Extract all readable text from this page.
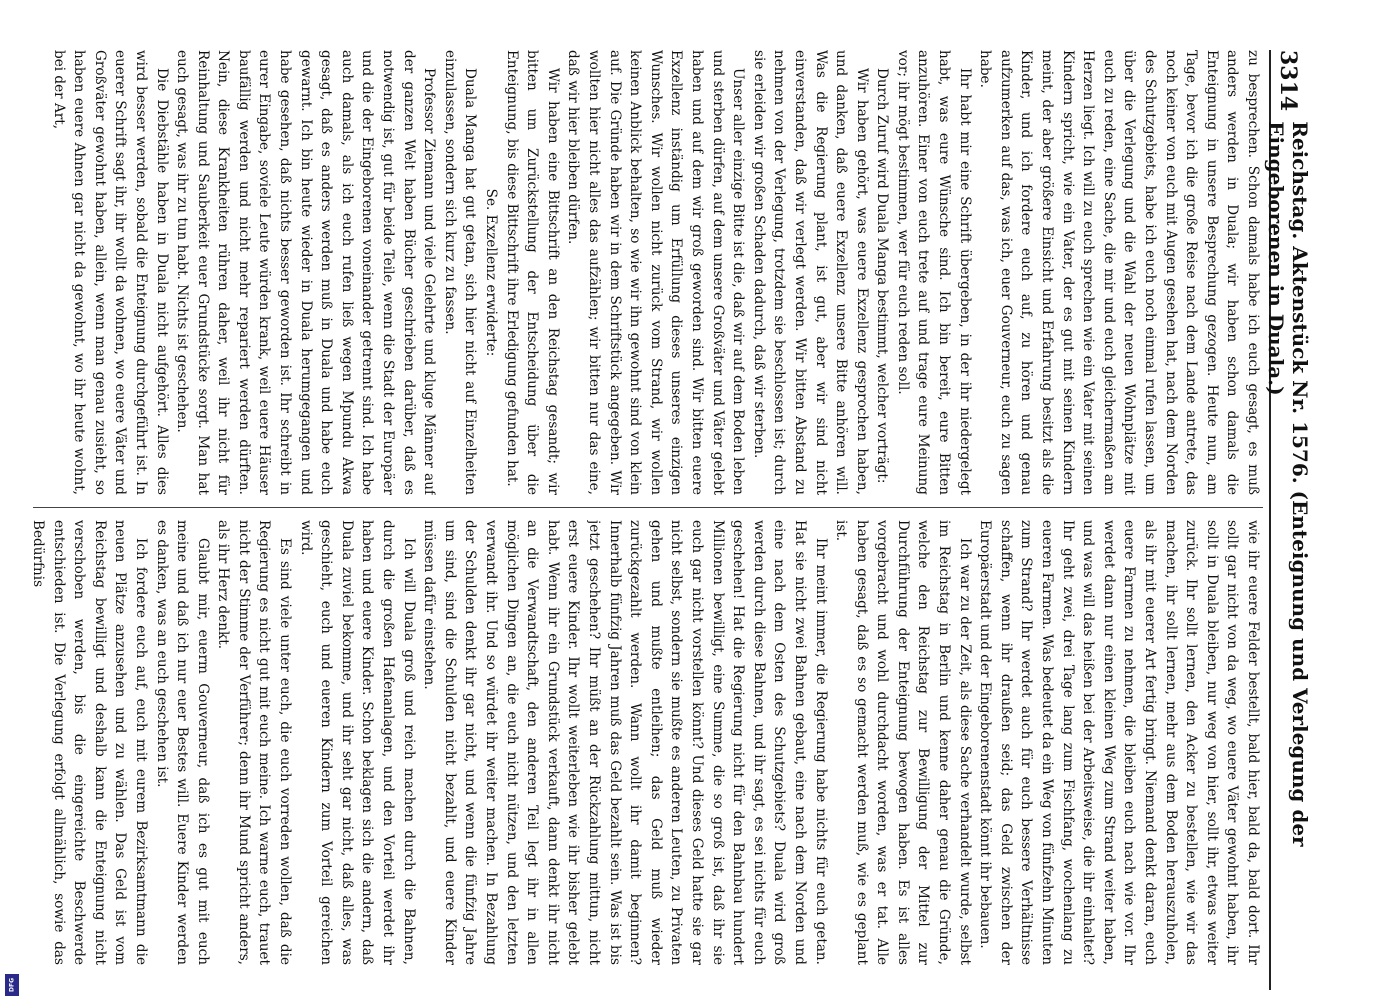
3314
Reichstag. Aktenstück Nr. 1576. (Enteignung und Verlegung der Eingeborenen in Duala.)

zu besprechen. Schon damals habe ich euch gesagt, es muß anders werden in Duala; wir haben schon damals die Enteignung in unsere Besprechung gezogen. Heute nun, am Tage, bevor ich die große Reise nach dem Lande antrete, das noch keiner von euch mit Augen gesehen hat, nach dem Norden des Schutzgebiets, habe ich euch noch einmal rufen lassen, um über die Verlegung und die Wahl der neuen Wohnplätze mit euch zu reden, eine Sache, die mir und euch gleichermaßen am Herzen liegt. Ich will zu euch sprechen wie ein Vater mit seinen Kindern spricht, wie ein Vater, der es gut mit seinen Kindern meint, der aber größere Einsicht und Erfahrung besitzt als die Kinder, und ich fordere euch auf, zu hören und genau aufzumerken auf das, was ich, euer Gouverneur, euch zu sagen habe.

Ihr habt mir eine Schrift übergeben, in der ihr niedergelegt habt, was eure Wünsche sind. Ich bin bereit, eure Bitten anzuhören. Einer von euch trete auf und trage eure Meinung vor; ihr mögt bestimmen, wer für euch reden soll.

Durch Zuruf wird Duala Manga bestimmt, welcher vorträgt:

Wir haben gehört, was euere Exzellenz gesprochen haben, und danken, daß euere Exzellenz unsere Bitte anhören will. Was die Regierung plant, ist gut, aber wir sind nicht einverstanden, daß wir verlegt werden. Wir bitten Abstand zu nehmen von der Verlegung, trotzdem sie beschlossen ist; durch sie erleiden wir großen Schaden dadurch, daß wir sterben.

Unser aller einzige Bitte ist die, daß wir auf dem Boden leben und sterben dürfen, auf dem unsere Großväter und Väter gelebt haben und auf dem wir groß geworden sind. Wir bitten euere Exzellenz inständig um Erfüllung dieses unseres einzigen Wunsches. Wir wollen nicht zurück vom Strand, wir wollen keinen Anblick behalten, so wie wir ihn gewohnt sind von klein auf. Die Gründe haben wir in dem Schriftstück angegeben. Wir wollten hier nicht alles das aufzählen; wir bitten nur das eine, daß wir hier bleiben dürfen.

Wir haben eine Bittschrift an den Reichstag gesandt; wir bitten um Zurückstellung der Entscheidung über die Enteignung, bis diese Bittschrift ihre Erledigung gefunden hat.

Se. Exzellenz erwiderte:

Duala Manga hat gut getan, sich hier nicht auf Einzelheiten einzulassen, sondern sich kurz zu fassen.

Professor Ziemann und viele Gelehrte und kluge Männer auf der ganzen Welt haben Bücher geschrieben darüber, daß es notwendig ist, gut für beide Teile, wenn die Stadt der Europäer und die der Eingeborenen voneinander getrennt sind. Ich habe auch damals, als ich euch rufen ließ wegen Mpundu Akwa gesagt, daß es anders werden muß in Duala und habe euch gewarnt. Ich bin heute wieder in Duala herumgegangen und habe gesehen, daß nichts besser geworden ist. Ihr schreibt in eurer Eingabe, soviele Leute würden krank, weil euere Häuser baufällig werden und nicht mehr repariert werden dürften. Nein, diese Krankheiten rühren daher, weil ihr nicht für Reinhaltung und Sauberkeit euer Grundstücke sorgt. Man hat euch gesagt, was ihr zu tun habt. Nichts ist geschehen.

Die Diebstähle haben in Duala nicht aufgehört. Alles dies wird besser werden, sobald die Enteignung durchgeführt ist. In euerer Schrift sagt ihr, ihr wollt da wohnen, wo euere Väter und Großväter gewohnt haben, allein, wenn man genau zusieht, so haben euere Ahnen gar nicht da gewohnt, wo ihr heute wohnt, bei der Art,

wie ihr euere Felder bestellt, bald hier, bald da, bald dort. Ihr sollt gar nicht von da weg, wo euere Väter gewohnt haben, ihr sollt in Duala bleiben, nur weg von hier, sollt ihr, etwas weiter zurück. Ihr sollt lernen, den Acker zu bestellen, wie wir das machen, ihr sollt lernen, mehr aus dem Boden herauszuholen, als ihr mit euerer Art fertig bringt. Niemand denkt daran, euch euere Farmen zu nehmen, die bleiben euch nach wie vor. Ihr werdet dann nur einen kleinen Weg zum Strand weiter haben, und was will das heißen bei der Arbeitsweise, die ihr einhaltet? Ihr geht zwei, drei Tage lang zum Fischfang, wochenlang zu eueren Farmen. Was bedeutet da ein Weg von fünfzehn Minuten zum Strand? Ihr werdet auch für euch bessere Verhältnisse schaffen, wenn ihr draußen seid; das Geld zwischen der Europäerstadt und der Eingeborenenstadt könnt ihr bebauen.

Ich war zu der Zeit, als diese Sache verhandelt wurde, selbst im Reichstag in Berlin und kenne daher genau die Gründe, welche den Reichstag zur Bewilligung der Mittel zur Durchführung der Enteignung bewogen haben. Es ist alles vorgebracht und wohl durchdacht worden, was er tat. Alle haben gesagt, daß es so gemacht werden muß, wie es geplant ist.

Ihr meint immer, die Regierung habe nichts für euch getan. Hat sie nicht zwei Bahnen gebaut, eine nach dem Norden und eine nach dem Osten des Schutzgebiets? Duala wird groß werden durch diese Bahnen, und ihr sagt, es sei nichts für euch geschehen! Hat die Regierung nicht für den Bahnbau hundert Millionen bewilligt, eine Summe, die so groß ist, daß ihr sie euch gar nicht vorstellen könnt? Und dieses Geld hatte sie gar nicht selbst, sondern sie mußte es anderen Leuten, zu Privaten gehen und mußte entleihen; das Geld muß wieder zurückgezahlt werden. Wann wollt ihr damit beginnen? Innerhalb fünfzig Jahren muß das Geld bezahlt sein. Was ist bis jetzt geschehen? Ihr müßt an der Rückzahlung mittun, nicht erst euere Kinder. Ihr wollt weiterleben wie ihr bisher gelebt habt. Wenn ihr ein Grundstück verkauft, dann denkt ihr nicht an die Verwandtschaft, den anderen Teil legt ihr in allen möglichen Dingen an, die euch nicht nützen, und den letzten verwandt ihr. Und so würdet ihr weiter machen. In Bezahlung der Schulden denkt ihr gar nicht, und wenn die fünfzig Jahre um sind, sind die Schulden nicht bezahlt, und euere Kinder müssen dafür einstehen.

Ich will Duala groß und reich machen durch die Bahnen, durch die großen Hafenanlagen, und den Vorteil werdet ihr haben und euere Kinder. Schon beklagen sich die andern, daß Duala zuviel bekomme, und ihr seht gar nicht, daß alles, was geschieht, euch und eueren Kindern zum Vorteil gereichen wird.

Es sind viele unter euch, die euch vorreden wollen, daß die Regierung es nicht gut mit euch meine. Ich warne euch, trauet nicht der Stimme der Verführer; denn ihr Mund spricht anders, als ihr Herz denkt.

Glaubt mir, euerm Gouverneur, daß ich es gut mit euch meine und daß ich nur euer Bestes will. Euere Kinder werden es danken, was an euch geschehen ist.

Ich fordere euch auf, euch mit eurem Bezirksamtmann die neuen Plätze anzusehen und zu wählen. Das Geld ist vom Reichstag bewilligt und deshalb kann die Enteignung nicht verschoben werden, bis die eingereichte Beschwerde entschieden ist. Die Verlegung erfolgt allmählich, sowie das Bedürfnis

DFG
